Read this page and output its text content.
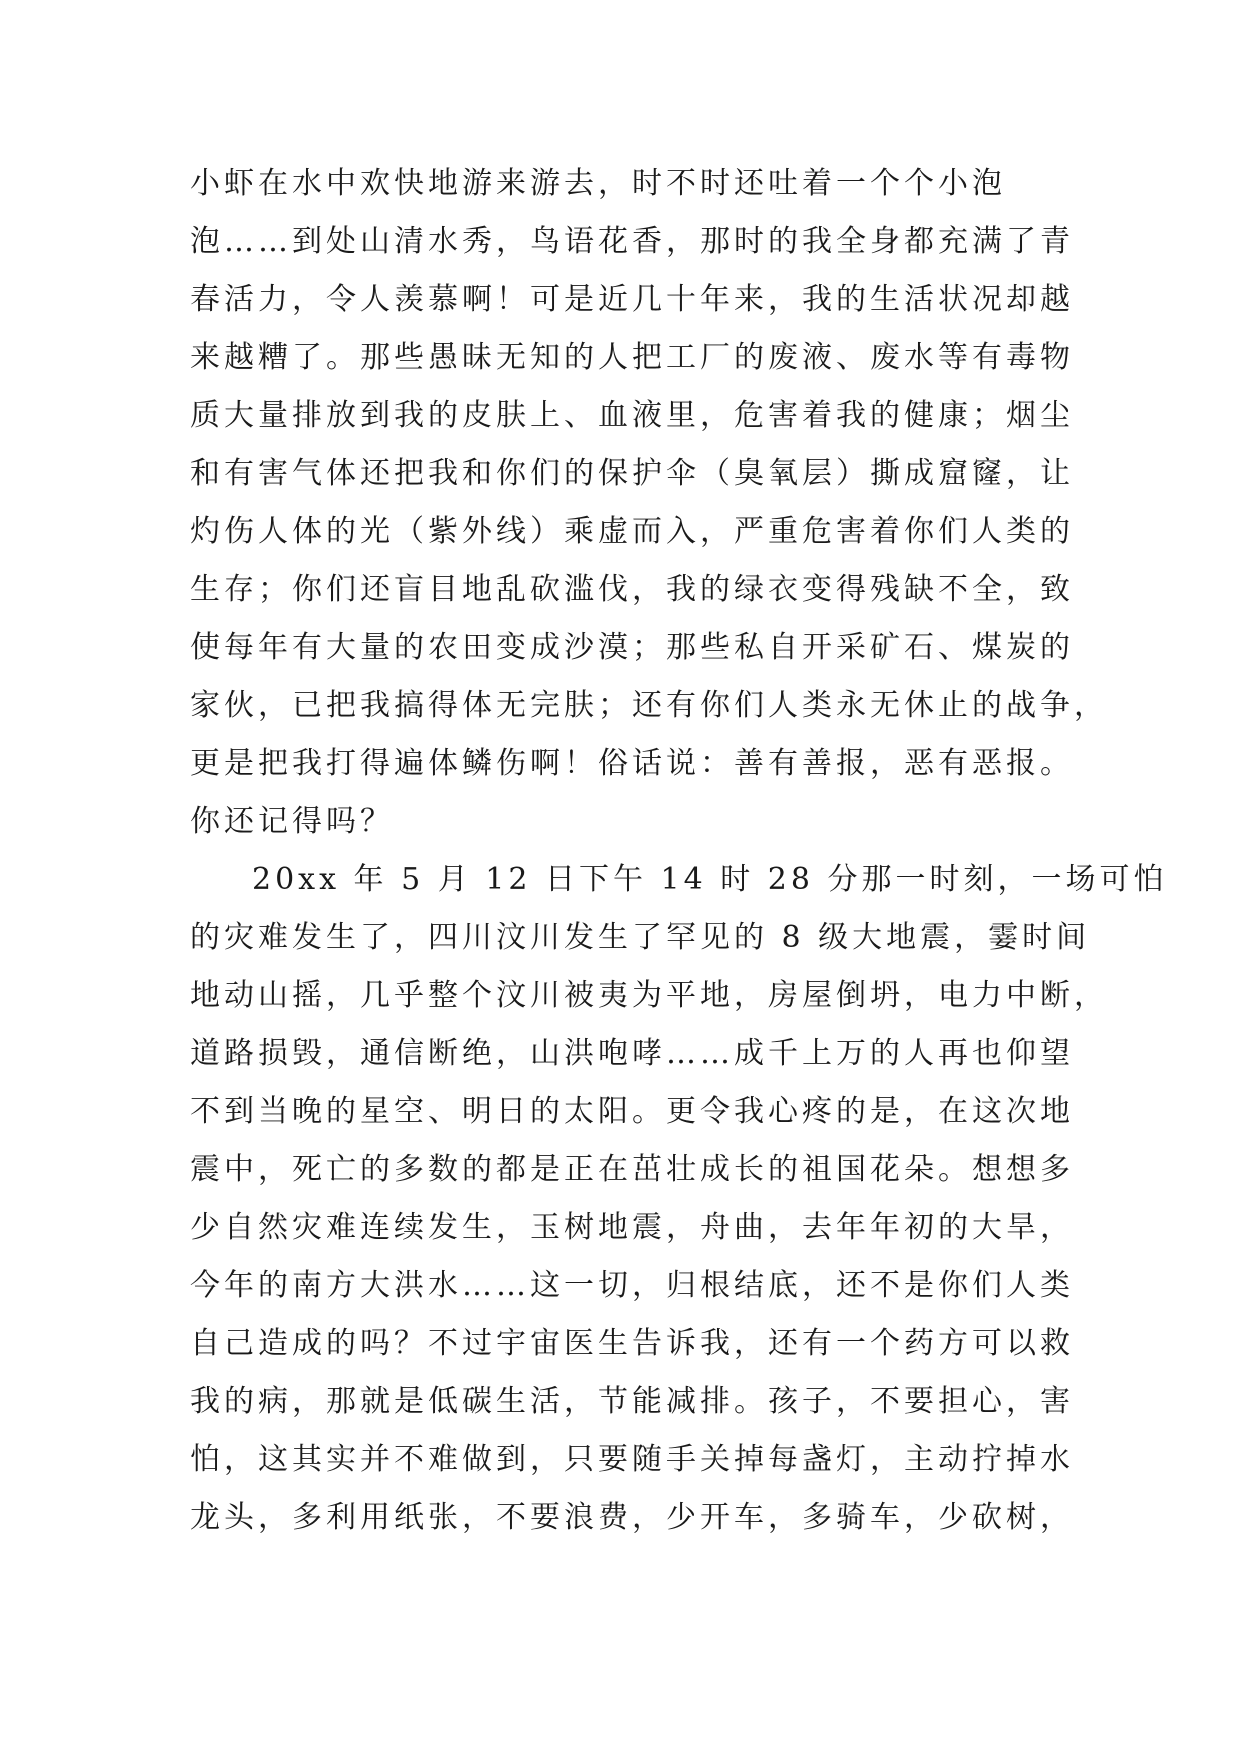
小虾在水中欢快地游来游去，时不时还吐着一个个小泡
泡……到处山清水秀，鸟语花香，那时的我全身都充满了青
春活力，令人羡慕啊！可是近几十年来，我的生活状况却越
来越糟了。那些愚昧无知的人把工厂的废液、废水等有毒物
质大量排放到我的皮肤上、血液里，危害着我的健康；烟尘
和有害气体还把我和你们的保护伞（臭氧层）撕成窟窿，让
灼伤人体的光（紫外线）乘虚而入，严重危害着你们人类的
生存；你们还盲目地乱砍滥伐，我的绿衣变得残缺不全，致
使每年有大量的农田变成沙漠；那些私自开采矿石、煤炭的
家伙，已把我搞得体无完肤；还有你们人类永无休止的战争，
更是把我打得遍体鳞伤啊！俗话说：善有善报，恶有恶报。
你还记得吗？
20xx 年 5 月 12 日下午 14 时 28 分那一时刻，一场可怕
的灾难发生了，四川汶川发生了罕见的 8 级大地震，霎时间
地动山摇，几乎整个汶川被夷为平地，房屋倒坍，电力中断，
道路损毁，通信断绝，山洪咆哮……成千上万的人再也仰望
不到当晚的星空、明日的太阳。更令我心疼的是，在这次地
震中，死亡的多数的都是正在茁壮成长的祖国花朵。想想多
少自然灾难连续发生，玉树地震，舟曲，去年年初的大旱，
今年的南方大洪水……这一切，归根结底，还不是你们人类
自己造成的吗？不过宇宙医生告诉我，还有一个药方可以救
我的病，那就是低碳生活，节能减排。孩子，不要担心，害
怕，这其实并不难做到，只要随手关掉每盏灯，主动拧掉水
龙头，多利用纸张，不要浪费，少开车，多骑车，少砍树，
